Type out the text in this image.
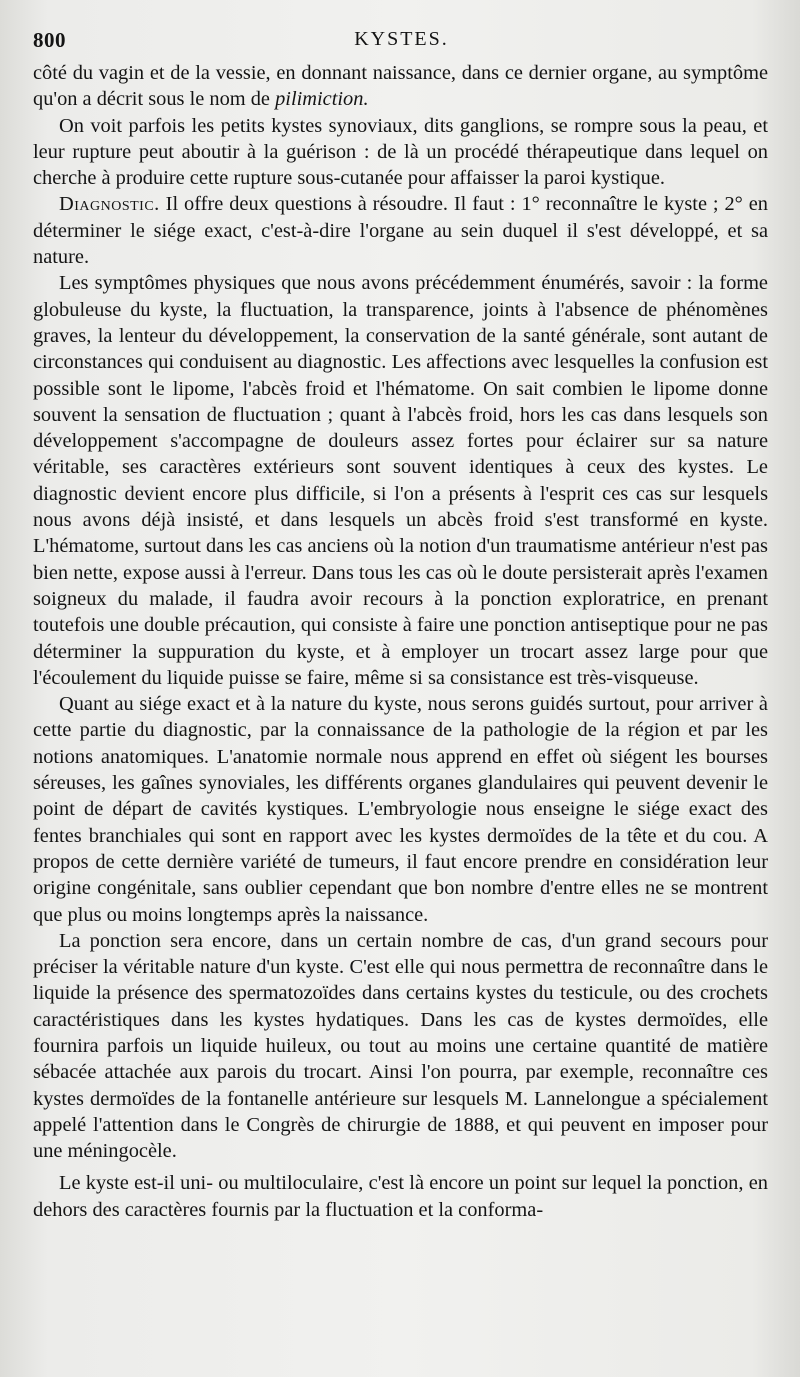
800	KYSTES.

côté du vagin et de la vessie, en donnant naissance, dans ce dernier organe, au symptôme qu'on a décrit sous le nom de pilimiction.

On voit parfois les petits kystes synoviaux, dits ganglions, se rompre sous la peau, et leur rupture peut aboutir à la guérison : de là un procédé thérapeutique dans lequel on cherche à produire cette rupture sous-cutanée pour affaisser la paroi kystique.

Diagnostic. Il offre deux questions à résoudre. Il faut : 1° reconnaître le kyste ; 2° en déterminer le siége exact, c'est-à-dire l'organe au sein duquel il s'est développé, et sa nature.

Les symptômes physiques que nous avons précédemment énumérés, savoir : la forme globuleuse du kyste, la fluctuation, la transparence, joints à l'absence de phénomènes graves, la lenteur du développement, la conservation de la santé générale, sont autant de circonstances qui conduisent au diagnostic. Les affections avec lesquelles la confusion est possible sont le lipome, l'abcès froid et l'hématome. On sait combien le lipome donne souvent la sensation de fluctuation ; quant à l'abcès froid, hors les cas dans lesquels son développement s'accompagne de douleurs assez fortes pour éclairer sur sa nature véritable, ses caractères extérieurs sont souvent identiques à ceux des kystes. Le diagnostic devient encore plus difficile, si l'on a présents à l'esprit ces cas sur lesquels nous avons déjà insisté, et dans lesquels un abcès froid s'est transformé en kyste. L'hématome, surtout dans les cas anciens où la notion d'un traumatisme antérieur n'est pas bien nette, expose aussi à l'erreur. Dans tous les cas où le doute persisterait après l'examen soigneux du malade, il faudra avoir recours à la ponction exploratrice, en prenant toutefois une double précaution, qui consiste à faire une ponction antiseptique pour ne pas déterminer la suppuration du kyste, et à employer un trocart assez large pour que l'écoulement du liquide puisse se faire, même si sa consistance est très-visqueuse.

Quant au siége exact et à la nature du kyste, nous serons guidés surtout, pour arriver à cette partie du diagnostic, par la connaissance de la pathologie de la région et par les notions anatomiques. L'anatomie normale nous apprend en effet où siégent les bourses séreuses, les gaînes synoviales, les différents organes glandulaires qui peuvent devenir le point de départ de cavités kystiques. L'embryologie nous enseigne le siége exact des fentes branchiales qui sont en rapport avec les kystes dermoïdes de la tête et du cou. A propos de cette dernière variété de tumeurs, il faut encore prendre en considération leur origine congénitale, sans oublier cependant que bon nombre d'entre elles ne se montrent que plus ou moins longtemps après la naissance.

La ponction sera encore, dans un certain nombre de cas, d'un grand secours pour préciser la véritable nature d'un kyste. C'est elle qui nous permettra de reconnaître dans le liquide la présence des spermatozoïdes dans certains kystes du testicule, ou des crochets caractéristiques dans les kystes hydatiques. Dans les cas de kystes dermoïdes, elle fournira parfois un liquide huileux, ou tout au moins une certaine quantité de matière sébacée attachée aux parois du trocart. Ainsi l'on pourra, par exemple, reconnaître ces kystes dermoïdes de la fontanelle antérieure sur lesquels M. Lannelongue a spécialement appelé l'attention dans le Congrès de chirurgie de 1888, et qui peuvent en imposer pour une méningocèle.

Le kyste est-il uni- ou multiloculaire, c'est là encore un point sur lequel la ponction, en dehors des caractères fournis par la fluctuation et la conforma-
